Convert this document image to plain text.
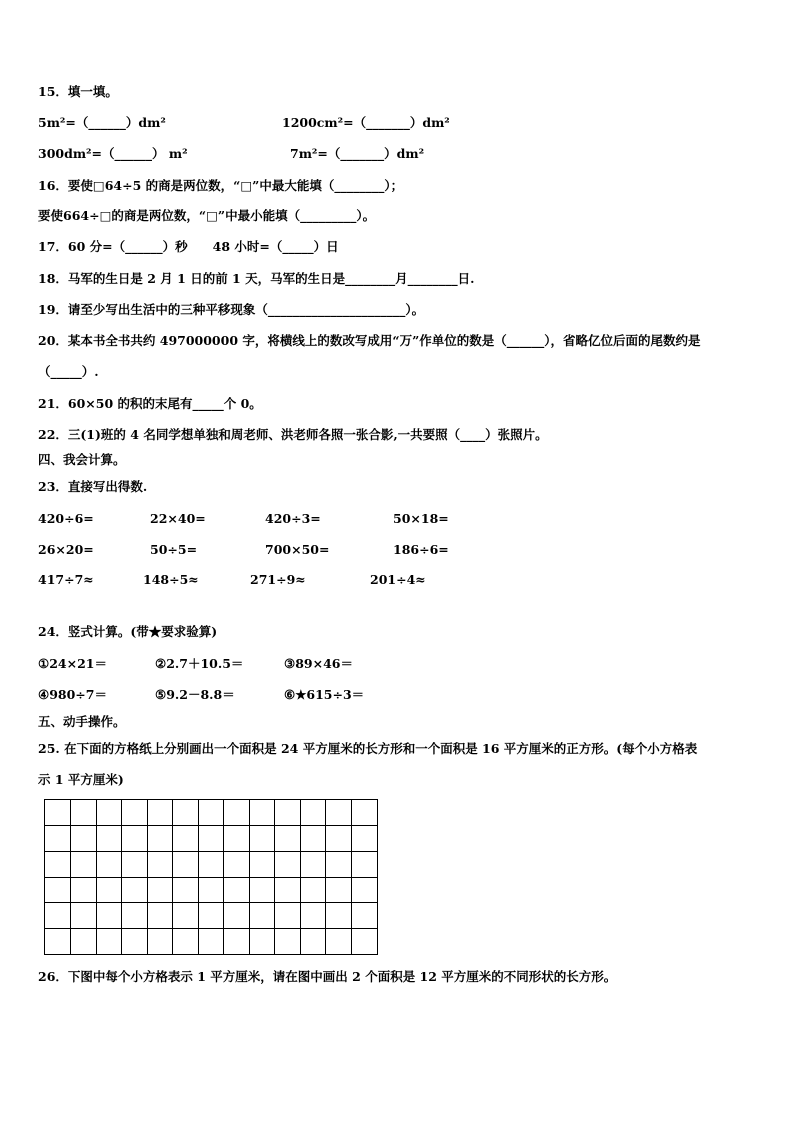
15．填一填。
5m²=（______）dm²	1200cm²=（_______）dm²
300dm²=（______） m²	7m²=（_______）dm²
16．要使□64÷5 的商是两位数，“□”中最大能填（________）；
要使664÷□的商是两位数，“□”中最小能填（_________）。
17．60 分=（______）秒　　48 小时=（_____）日
18．马军的生日是 2 月 1 日的前 1 天，马军的生日是________月________日.
19．请至少写出生活中的三种平移现象（______________________）。
20．某本书全书共约 497000000 字，将横线上的数改写成用“万”作单位的数是（______），省略亿位后面的尾数约是
（_____）.
21．60×50 的积的末尾有_____个 0。
22．三(1)班的 4 名同学想单独和周老师、洪老师各照一张合影,一共要照（____）张照片。
四、我会计算。
23．直接写出得数.
420÷6=	22×40=	420÷3=	50×18=
26×20=	50÷5=	700×50=	186÷6=
417÷7≈	148÷5≈	271÷9≈	201÷4≈
24．竖式计算。(带★要求验算)
①24×21＝	②2.7＋10.5＝	③89×46＝
④980÷7＝	⑤9.2－8.8＝	⑥★615÷3＝
五、动手操作。
25. 在下面的方格纸上分别画出一个面积是 24 平方厘米的长方形和一个面积是 16 平方厘米的正方形。(每个小方格表
示 1 平方厘米)
26．下图中每个小方格表示 1 平方厘米，请在图中画出 2 个面积是 12 平方厘米的不同形状的长方形。
